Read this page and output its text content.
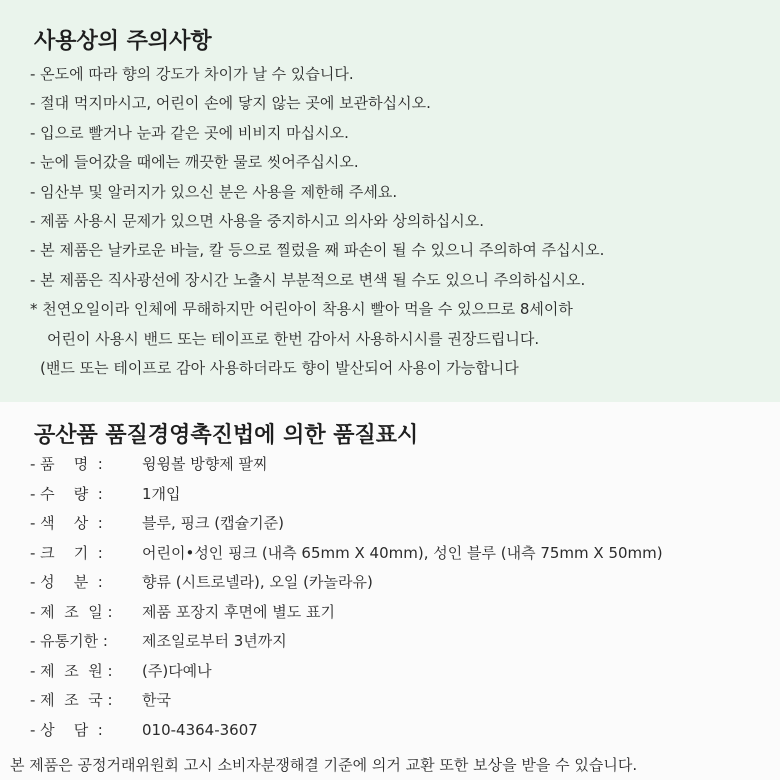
사용상의 주의사항
- 온도에 따라 향의 강도가 차이가 날 수 있습니다.
- 절대 먹지마시고, 어린이 손에 닿지 않는 곳에 보관하십시오.
- 입으로 빨거나 눈과 같은 곳에 비비지 마십시오.
- 눈에 들어갔을 때에는 깨끗한 물로 씻어주십시오.
- 임산부 및 알러지가 있으신 분은 사용을 제한해 주세요.
- 제품 사용시 문제가 있으면 사용을 중지하시고 의사와 상의하십시오.
- 본 제품은 날카로운 바늘, 칼 등으로 찔렀을 째 파손이 될 수 있으니 주의하여 주십시오.
- 본 제품은 직사광선에 장시간 노출시 부분적으로 변색 될 수도 있으니 주의하십시오.
* 천연오일이라 인체에 무해하지만 어린아이 착용시 빨아 먹을 수 있으므로 8세이하
어린이 사용시 밴드 또는 테이프로 한번 감아서 사용하시시를 권장드립니다.
(밴드 또는 테이프로 감아 사용하더라도 향이 발산되어 사용이 가능합니다
공산품 품질경영촉진법에 의한 품질표시
- 품    명  :	윙윙볼 방향제 팔찌
- 수    량  :	1개입
- 색    상  :	블루, 핑크 (캡슐기준)
- 크    기  :	어린이•성인 핑크 (내측 65mm X 40mm), 성인 블루 (내측 75mm X 50mm)
- 성    분  :	향류 (시트로넬라), 오일 (카놀라유)
- 제  조  일 :	제품 포장지 후면에 별도 표기
- 유통기한 :	제조일로부터 3년까지
- 제  조  원 :	(주)다예나
- 제  조  국 :	한국
- 상    담  :	010-4364-3607
본 제품은 공정거래위원회 고시 소비자분쟁해결 기준에 의거 교환 또한 보상을 받을 수 있습니다.
